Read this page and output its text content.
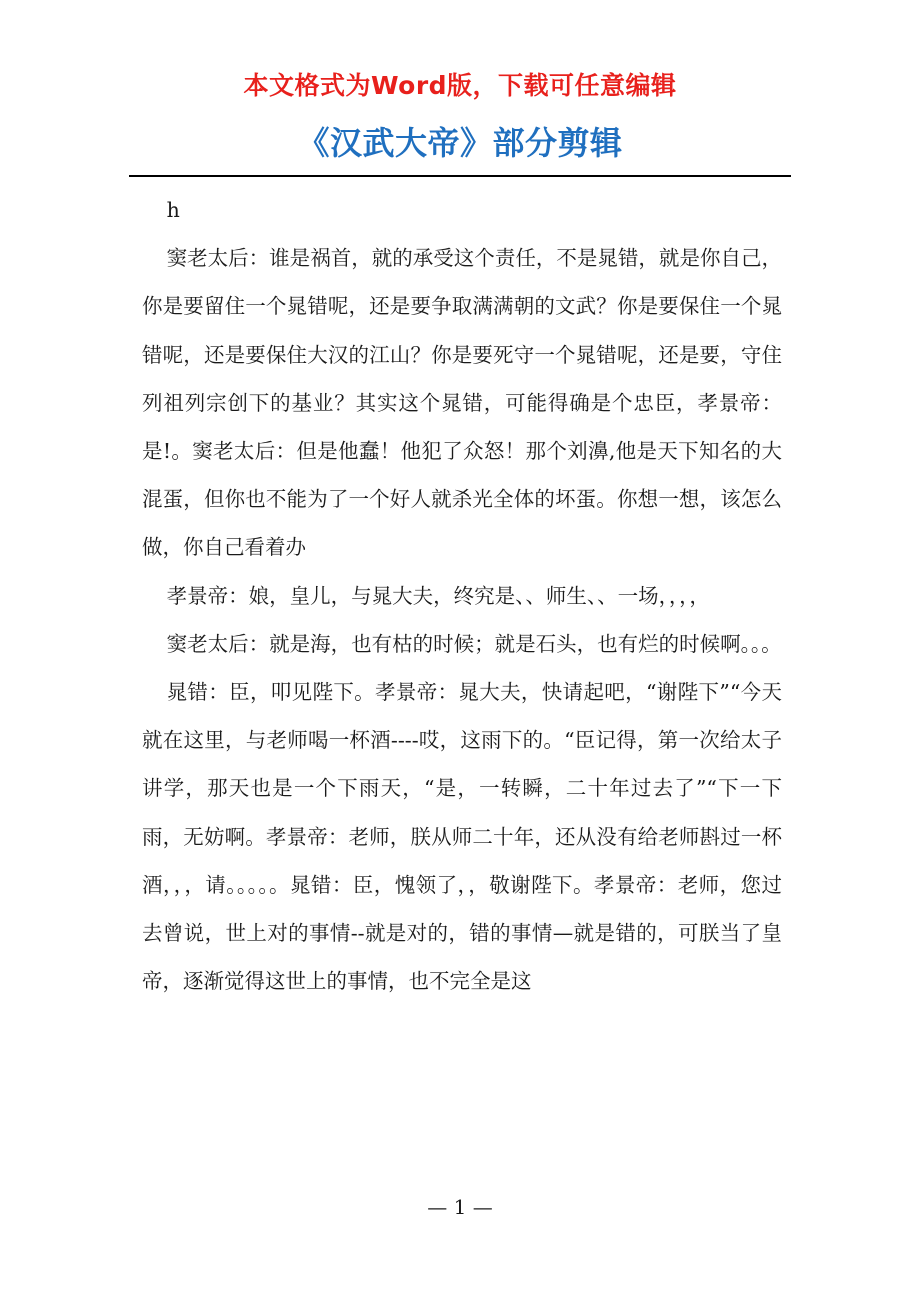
本文格式为Word版，下载可任意编辑
《汉武大帝》部分剪辑

h

窦老太后：谁是祸首，就的承受这个责任，不是晁错，就是你自己，你是要留住一个晁错呢，还是要争取满满朝的文武？你是要保住一个晁错呢，还是要保住大汉的江山？你是要死守一个晁错呢，还是要，守住列祖列宗创下的基业？其实这个晁错，可能得确是个忠臣，孝景帝：是!。窦老太后：但是他蠢！他犯了众怒！那个刘濞,他是天下知名的大混蛋，但你也不能为了一个好人就杀光全体的坏蛋。你想一想，该怎么做，你自己看着办

孝景帝：娘，皇儿，与晁大夫，终究是、、师生、、一场，，，，

窦老太后：就是海，也有枯的时候；就是石头，也有烂的时候啊。。。

晁错：臣，叩见陛下。孝景帝：晁大夫，快请起吧，“谢陛下”“今天就在这里，与老师喝一杯酒----哎，这雨下的。“臣记得，第一次给太子讲学，那天也是一个下雨天，“是，一转瞬，二十年过去了”“下一下雨，无妨啊。孝景帝：老师，朕从师二十年，还从没有给老师斟过一杯酒，，，请。。。。。晁错：臣，愧领了，，敬谢陛下。孝景帝：老师，您过去曾说，世上对的事情--就是对的，错的事情—就是错的，可朕当了皇帝，逐渐觉得这世上的事情，也不完全是这

— 1 —
